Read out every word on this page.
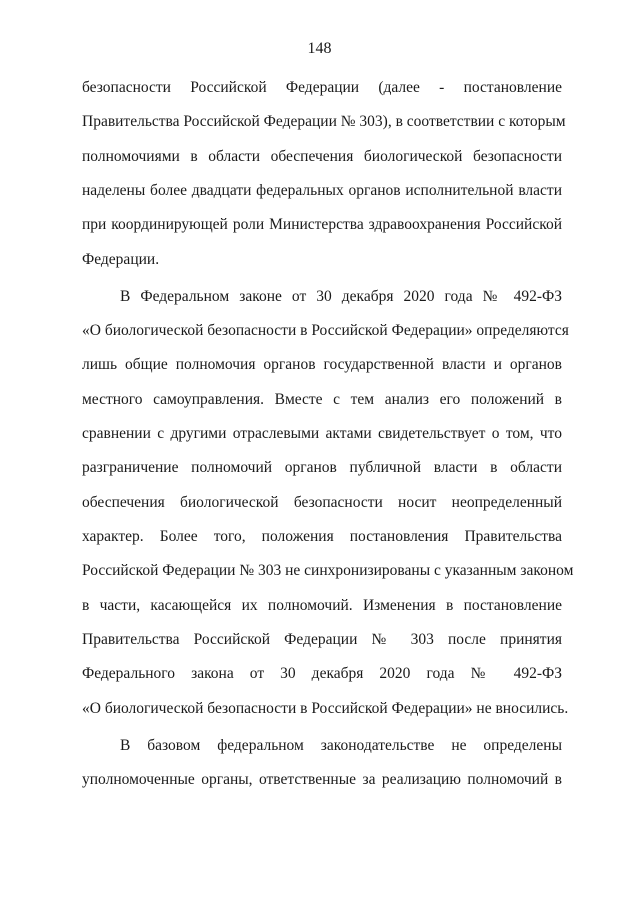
148
безопасности Российской Федерации (далее - постановление
Правительства Российской Федерации № 303), в соответствии с которым
полномочиями в области обеспечения биологической безопасности
наделены более двадцати федеральных органов исполнительной власти
при координирующей роли Министерства здравоохранения Российской
Федерации.
В Федеральном законе от 30 декабря 2020 года № 492-ФЗ
«О биологической безопасности в Российской Федерации» определяются
лишь общие полномочия органов государственной власти и органов
местного самоуправления. Вместе с тем анализ его положений в
сравнении с другими отраслевыми актами свидетельствует о том, что
разграничение полномочий органов публичной власти в области
обеспечения биологической безопасности носит неопределенный
характер. Более того, положения постановления Правительства
Российской Федерации № 303 не синхронизированы с указанным законом
в части, касающейся их полномочий. Изменения в постановление
Правительства Российской Федерации № 303 после принятия
Федерального закона от 30 декабря 2020 года № 492-ФЗ
«О биологической безопасности в Российской Федерации» не вносились.
В базовом федеральном законодательстве не определены
уполномоченные органы, ответственные за реализацию полномочий в
